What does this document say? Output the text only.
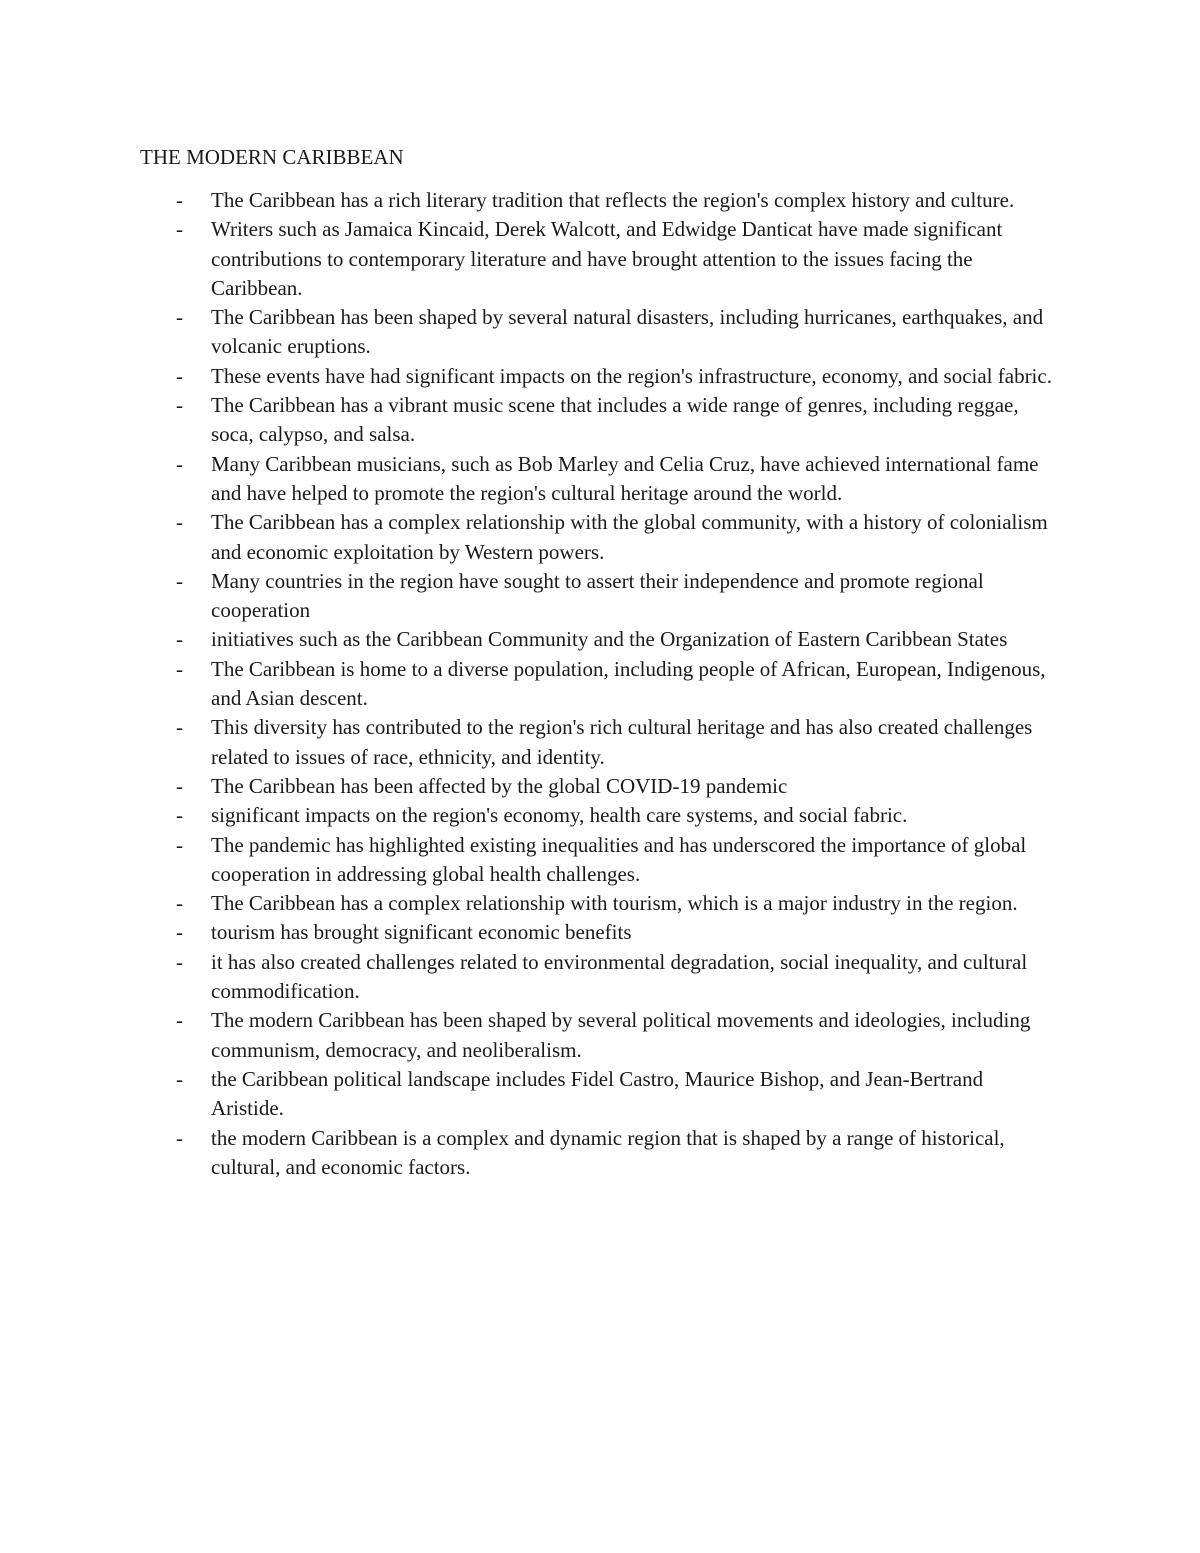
THE MODERN CARIBBEAN
-	The Caribbean has a rich literary tradition that reflects the region's complex history and culture.
-	Writers such as Jamaica Kincaid, Derek Walcott, and Edwidge Danticat have made significant contributions to contemporary literature and have brought attention to the issues facing the Caribbean.
-	The Caribbean has been shaped by several natural disasters, including hurricanes, earthquakes, and volcanic eruptions.
-	These events have had significant impacts on the region's infrastructure, economy, and social fabric.
-	The Caribbean has a vibrant music scene that includes a wide range of genres, including reggae, soca, calypso, and salsa.
-	Many Caribbean musicians, such as Bob Marley and Celia Cruz, have achieved international fame and have helped to promote the region's cultural heritage around the world.
-	The Caribbean has a complex relationship with the global community, with a history of colonialism and economic exploitation by Western powers.
-	Many countries in the region have sought to assert their independence and promote regional cooperation
-	initiatives such as the Caribbean Community and the Organization of Eastern Caribbean States
-	The Caribbean is home to a diverse population, including people of African, European, Indigenous, and Asian descent.
-	This diversity has contributed to the region's rich cultural heritage and has also created challenges related to issues of race, ethnicity, and identity.
-	The Caribbean has been affected by the global COVID-19 pandemic
-	significant impacts on the region's economy, health care systems, and social fabric.
-	The pandemic has highlighted existing inequalities and has underscored the importance of global cooperation in addressing global health challenges.
-	The Caribbean has a complex relationship with tourism, which is a major industry in the region.
-	tourism has brought significant economic benefits
-	it has also created challenges related to environmental degradation, social inequality, and cultural commodification.
-	The modern Caribbean has been shaped by several political movements and ideologies, including communism, democracy, and neoliberalism.
-	the Caribbean political landscape includes Fidel Castro, Maurice Bishop, and Jean-Bertrand Aristide.
-	the modern Caribbean is a complex and dynamic region that is shaped by a range of historical, cultural, and economic factors.
